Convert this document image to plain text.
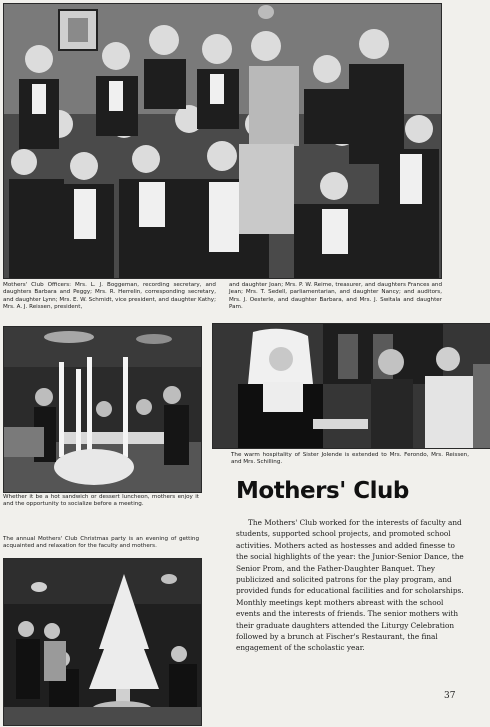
Mothers' Club Officers: Mrs. L. J. Boggeman, recording secretary, and daughters Barbara and Peggy; Mrs. R. Herrelin, corresponding secretary, and daughter Lynn; Mrs. E. W. Schmidt, vice president, and daughter Kathy; Mrs. A. J. Reissen, president,

and daughter Joan; Mrs. P. W. Reime, treasurer, and daughters Frances and Jean; Mrs. T. Sedell, parliamentarian, and daughter Nancy; and auditors, Mrs. J. Oesterle, and daughter Barbara, and Mrs. J. Switala and daughter Pam.

Whether it be a hot sandwich or dessert luncheon, mothers enjoy it and the opportunity to socialize before a meeting.

The annual Mothers' Club Christmas party is an evening of getting acquainted and relaxation for the faculty and mothers.

The warm hospitality of Sister Jolende is extended to Mrs. Ferondo, Mrs. Reissen, and Mrs. Schilling.

Mothers' Club

The Mothers' Club worked for the interests of faculty and students, supported school projects, and promoted school activities. Mothers acted as hostesses and added finesse to the social highlights of the year: the Junior-Senior Dance, the Senior Prom, and the Father-Daughter Banquet. They publicized and solicited patrons for the play program, and provided funds for educational facilities and for scholarships. Monthly meetings kept mothers abreast with the school events and the interests of friends. The senior mothers with their graduate daughters attended the Liturgy Celebration followed by a brunch at Fischer's Restaurant, the final engagement of the scholastic year.

37
